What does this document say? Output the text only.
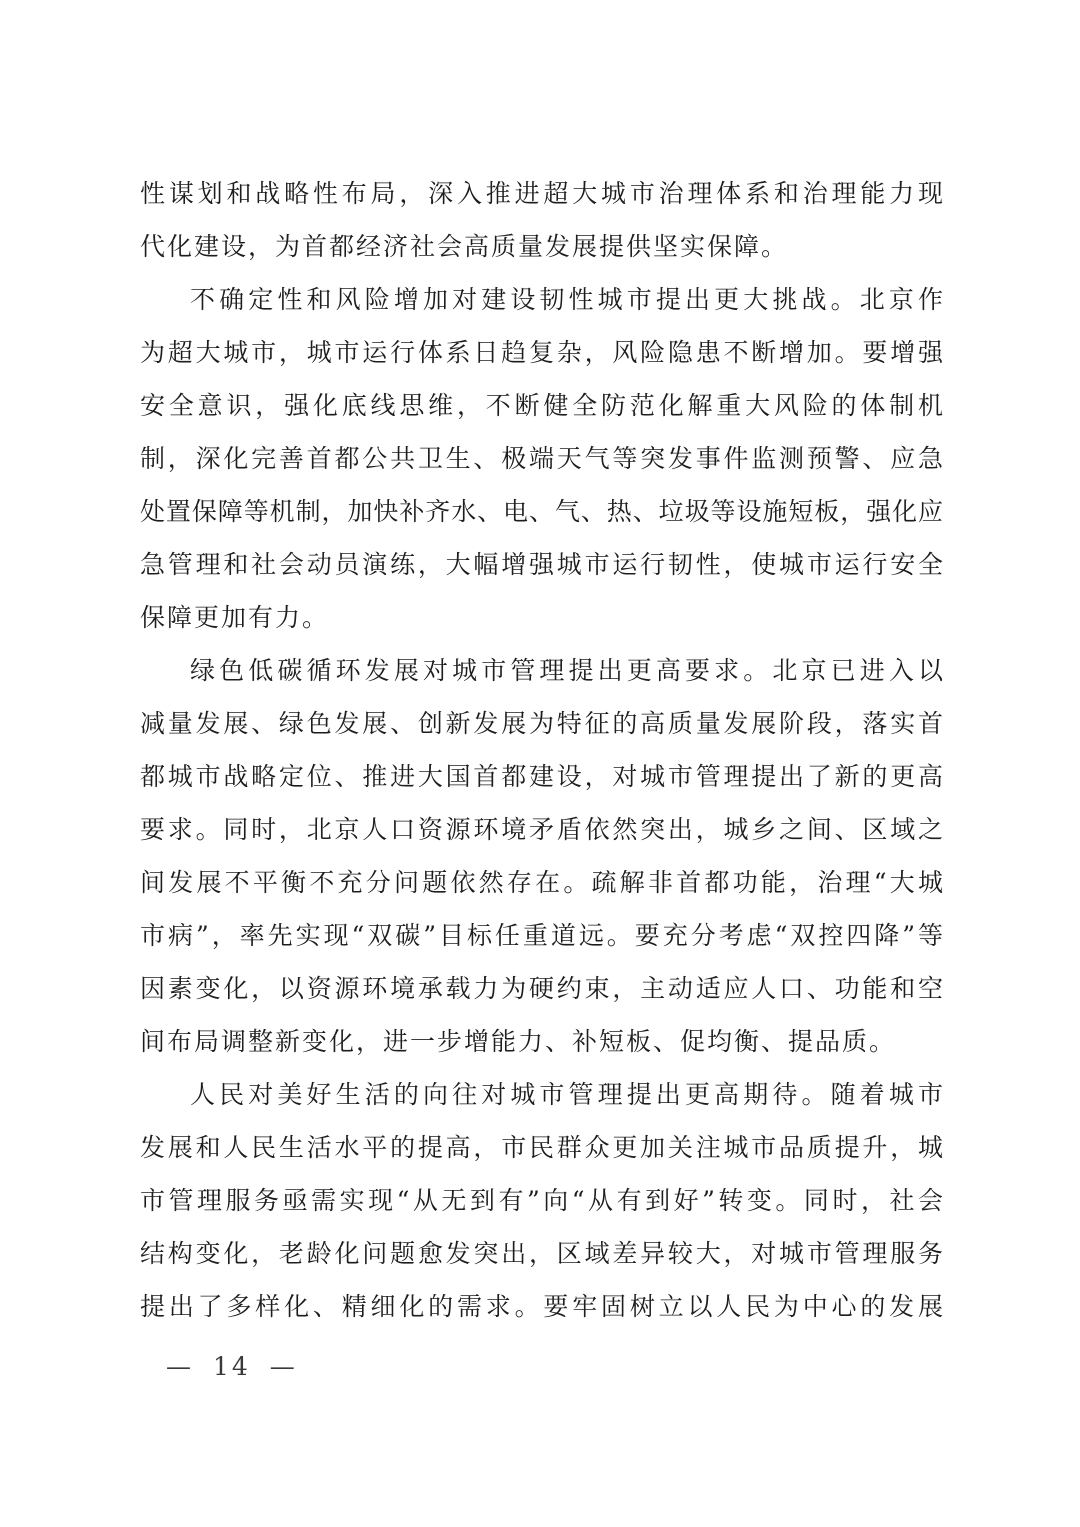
性谋划和战略性布局，深入推进超大城市治理体系和治理能力现
代化建设，为首都经济社会高质量发展提供坚实保障。
不确定性和风险增加对建设韧性城市提出更大挑战。北京作
为超大城市，城市运行体系日趋复杂，风险隐患不断增加。要增强
安全意识，强化底线思维，不断健全防范化解重大风险的体制机
制，深化完善首都公共卫生、极端天气等突发事件监测预警、应急
处置保障等机制，加快补齐水、电、气、热、垃圾等设施短板，强化应
急管理和社会动员演练，大幅增强城市运行韧性，使城市运行安全
保障更加有力。
绿色低碳循环发展对城市管理提出更高要求。北京已进入以
减量发展、绿色发展、创新发展为特征的高质量发展阶段，落实首
都城市战略定位、推进大国首都建设，对城市管理提出了新的更高
要求。同时，北京人口资源环境矛盾依然突出，城乡之间、区域之
间发展不平衡不充分问题依然存在。疏解非首都功能，治理“大城
市病”，率先实现“双碳”目标任重道远。要充分考虑“双控四降”等
因素变化，以资源环境承载力为硬约束，主动适应人口、功能和空
间布局调整新变化，进一步增能力、补短板、促均衡、提品质。
人民对美好生活的向往对城市管理提出更高期待。随着城市
发展和人民生活水平的提高，市民群众更加关注城市品质提升，城
市管理服务亟需实现“从无到有”向“从有到好”转变。同时，社会
结构变化，老龄化问题愈发突出，区域差异较大，对城市管理服务
提出了多样化、精细化的需求。要牢固树立以人民为中心的发展
— 14 —
